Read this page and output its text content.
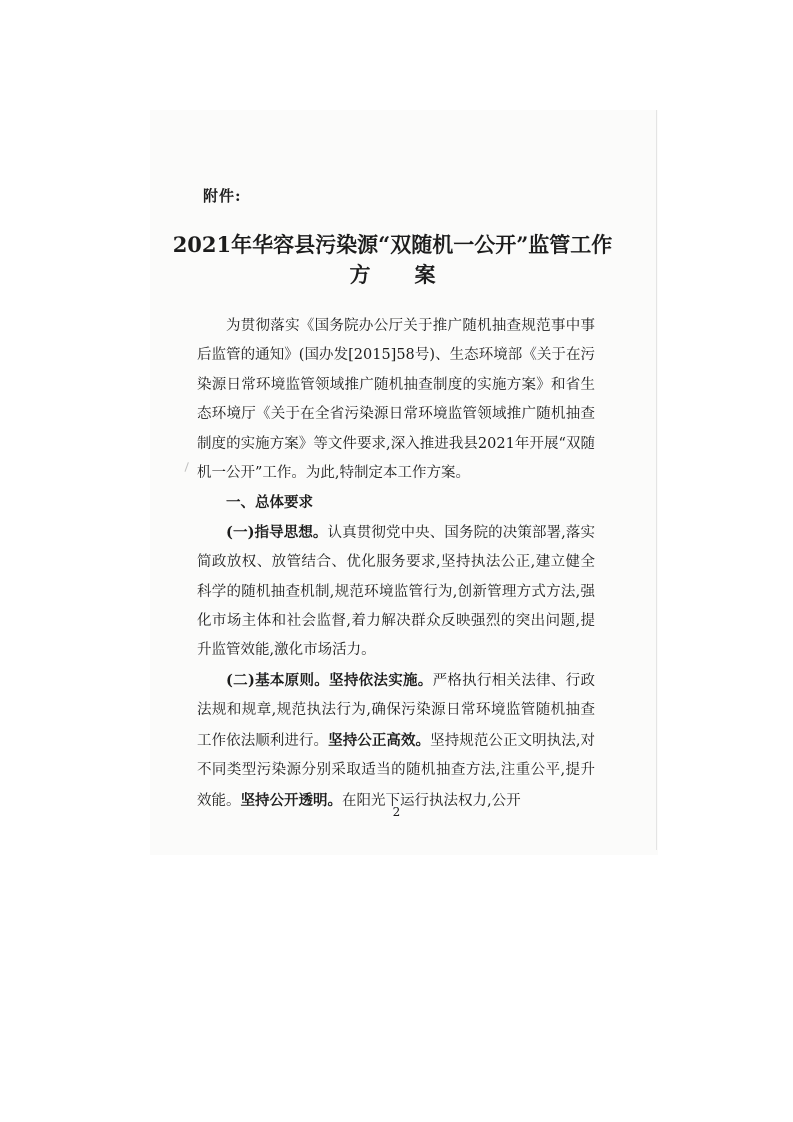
附件:
2021年华容县污染源“双随机一公开”监管工作
方案

为贯彻落实《国务院办公厅关于推广随机抽查规范事中事后监管的通知》(国办发[2015]58号)、生态环境部《关于在污染源日常环境监管领域推广随机抽查制度的实施方案》和省生态环境厅《关于在全省污染源日常环境监管领域推广随机抽查制度的实施方案》等文件要求,深入推进我县2021年开展“双随机一公开”工作。为此,特制定本工作方案。

一、总体要求

(一)指导思想。认真贯彻党中央、国务院的决策部署,落实简政放权、放管结合、优化服务要求,坚持执法公正,建立健全科学的随机抽查机制,规范环境监管行为,创新管理方式方法,强化市场主体和社会监督,着力解决群众反映强烈的突出问题,提升监管效能,激化市场活力。

(二)基本原则。坚持依法实施。严格执行相关法律、行政法规和规章,规范执法行为,确保污染源日常环境监管随机抽查工作依法顺利进行。坚持公正高效。坚持规范公正文明执法,对不同类型污染源分别采取适当的随机抽查方法,注重公平,提升效能。坚持公开透明。在阳光下运行执法权力,公开

2
